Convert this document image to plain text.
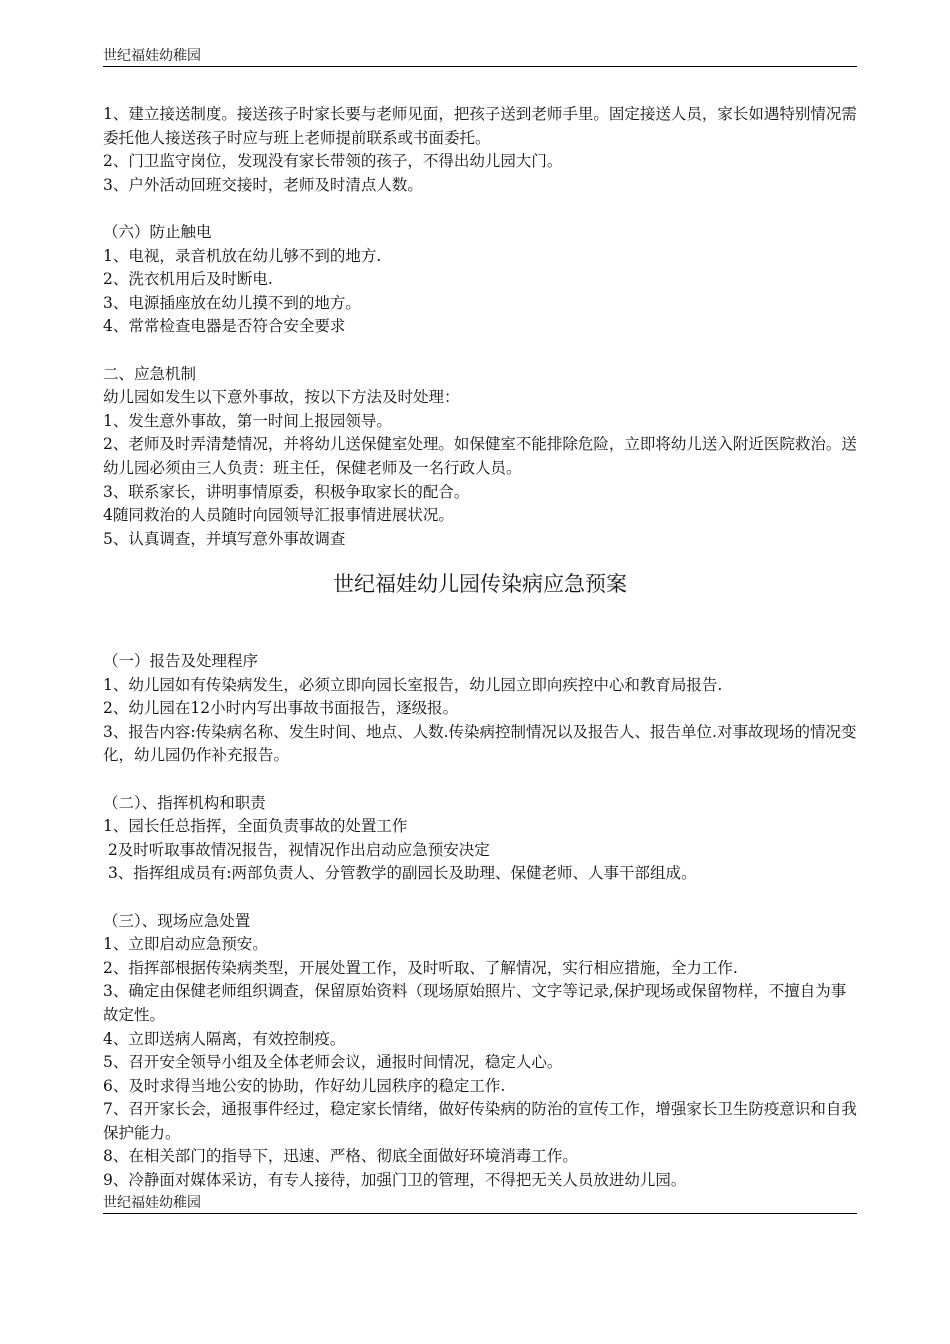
世纪福娃幼稚园

1、建立接送制度。接送孩子时家长要与老师见面，把孩子送到老师手里。固定接送人员，家长如遇特别情况需委托他人接送孩子时应与班上老师提前联系或书面委托。

2、门卫监守岗位，发现没有家长带领的孩子，不得出幼儿园大门。

3、户外活动回班交接时，老师及时清点人数。

（六）防止触电

1、电视，录音机放在幼儿够不到的地方.

2、洗衣机用后及时断电.

3、电源插座放在幼儿摸不到的地方。

4、常常检查电器是否符合安全要求

二、应急机制

幼儿园如发生以下意外事故，按以下方法及时处理：

1、发生意外事故，第一时间上报园领导。

2、老师及时弄清楚情况，并将幼儿送保健室处理。如保健室不能排除危险，立即将幼儿送入附近医院救治。送幼儿园必须由三人负责：班主任，保健老师及一名行政人员。

3、联系家长，讲明事情原委，积极争取家长的配合。

4随同救治的人员随时向园领导汇报事情进展状况。

5、认真调查，并填写意外事故调查

世纪福娃幼儿园传染病应急预案

（一）报告及处理程序

1、幼儿园如有传染病发生，必须立即向园长室报告，幼儿园立即向疾控中心和教育局报告.

2、幼儿园在12小时内写出事故书面报告，逐级报。

3、报告内容:传染病名称、发生时间、地点、人数.传染病控制情况以及报告人、报告单位.对事故现场的情况变化，幼儿园仍作补充报告。

（二）、指挥机构和职责

1、园长任总指挥，全面负责事故的处置工作

2及时听取事故情况报告，视情况作出启动应急预安决定

3、指挥组成员有:两部负责人、分管教学的副园长及助理、保健老师、人事干部组成。

（三）、现场应急处置

1、立即启动应急预安。

2、指挥部根据传染病类型，开展处置工作，及时听取、了解情况，实行相应措施，全力工作.

3、确定由保健老师组织调查，保留原始资料（现场原始照片、文字等记录,保护现场或保留物样，不擅自为事故定性。

4、立即送病人隔离，有效控制疫。

5、召开安全领导小组及全体老师会议，通报时间情况，稳定人心。

6、及时求得当地公安的协助，作好幼儿园秩序的稳定工作.

7、召开家长会，通报事件经过，稳定家长情绪，做好传染病的防治的宣传工作，增强家长卫生防疫意识和自我保护能力。

8、在相关部门的指导下，迅速、严格、彻底全面做好环境消毒工作。

9、冷静面对媒体采访，有专人接待，加强门卫的管理，不得把无关人员放进幼儿园。

世纪福娃幼稚园
